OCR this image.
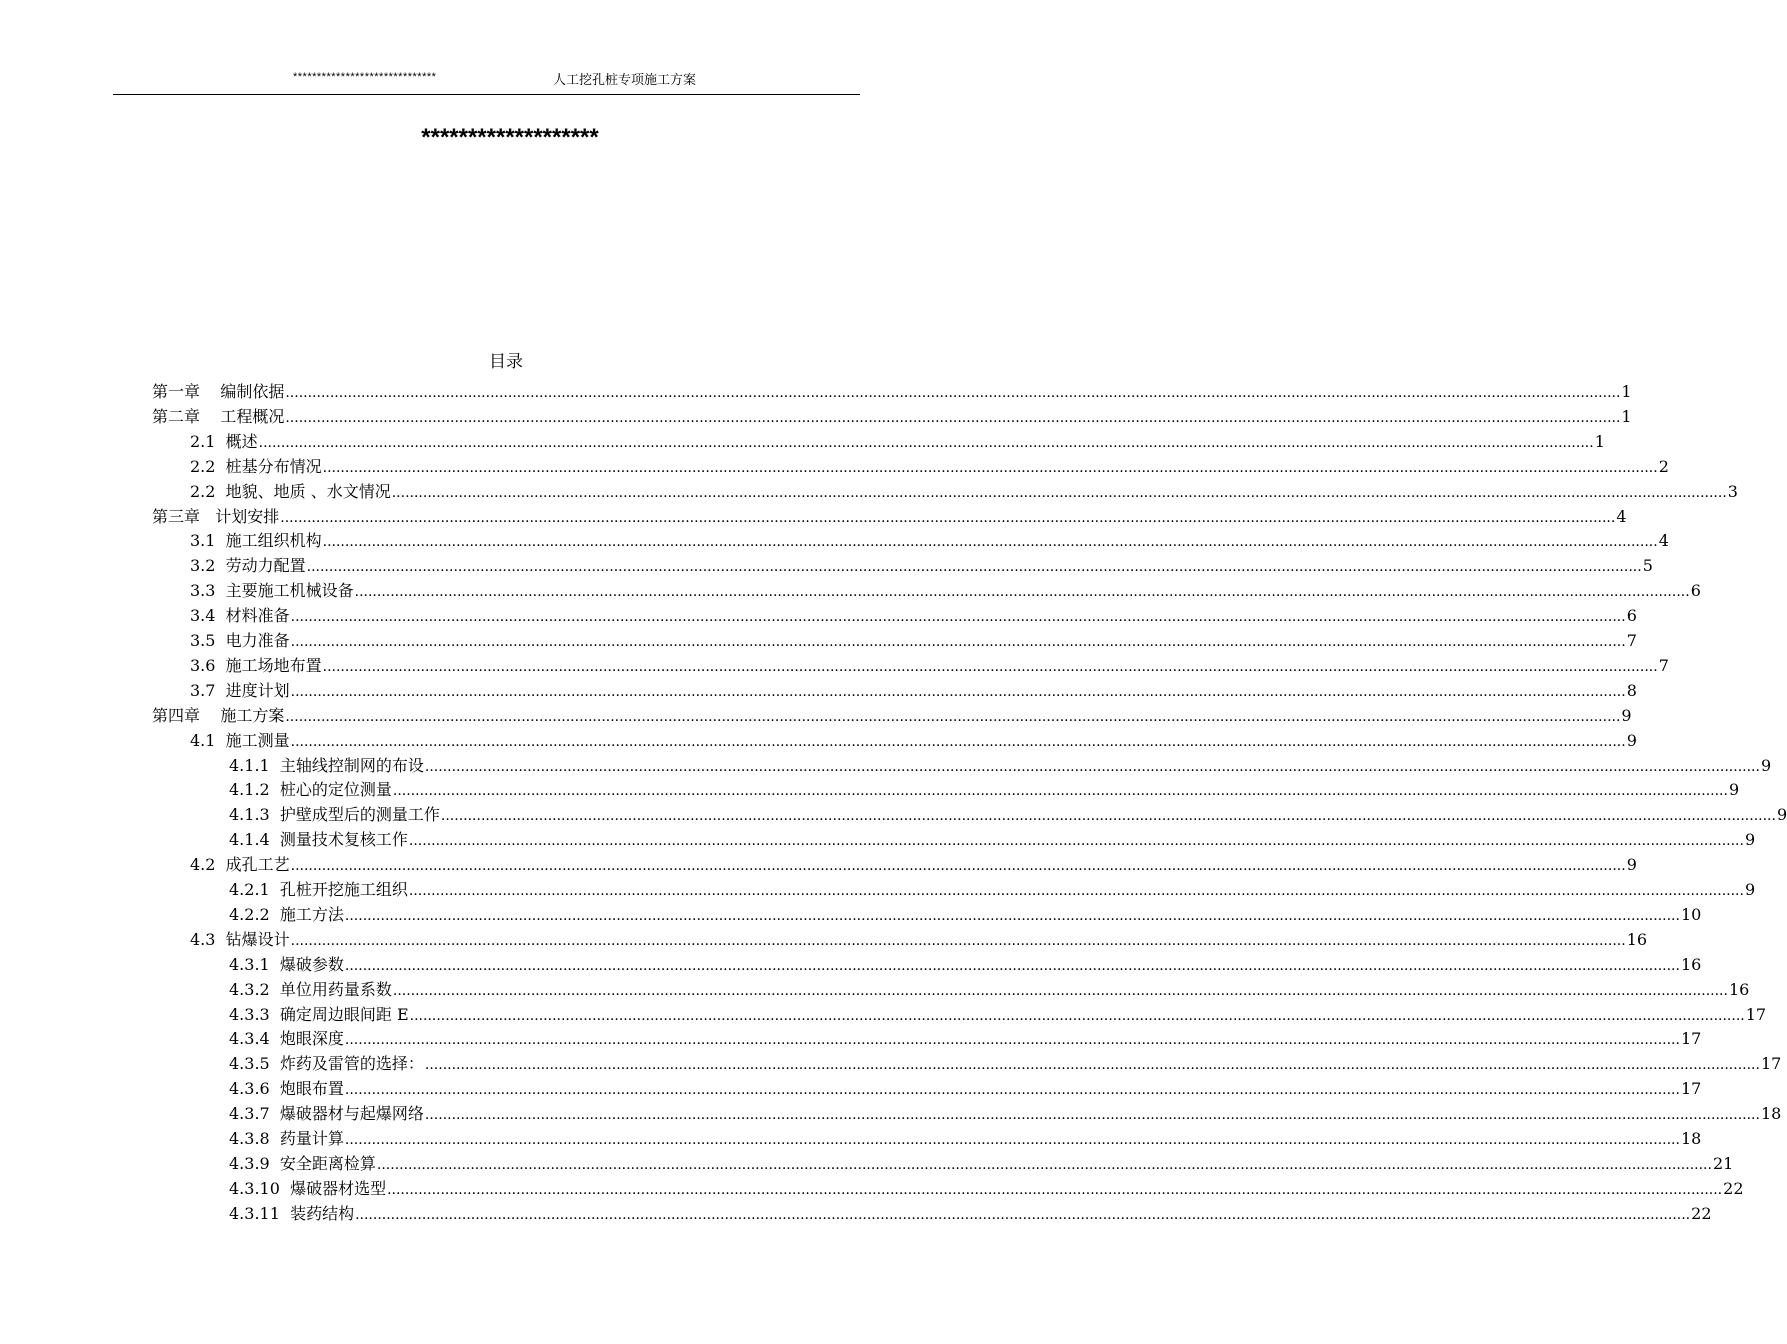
******************************	人工挖孔桩专项施工方案
*******************
目录
第一章    编制依据 ............................................................................................................................................................................................................................................................................................................ 1
第二章    工程概况 ............................................................................................................................................................................................................................................................................................................ 1
2.1  概述 ............................................................................................................................................................................................................................................................................................................ 1
2.2  桩基分布情况 ............................................................................................................................................................................................................................................................................................................ 2
2.2  地貌、地质 、水文情况 ............................................................................................................................................................................................................................................................................................................ 3
第三章   计划安排 ............................................................................................................................................................................................................................................................................................................ 4
3.1  施工组织机构 ............................................................................................................................................................................................................................................................................................................ 4
3.2  劳动力配置 ............................................................................................................................................................................................................................................................................................................ 5
3.3  主要施工机械设备 ............................................................................................................................................................................................................................................................................................................ 6
3.4  材料准备 ............................................................................................................................................................................................................................................................................................................ 6
3.5  电力准备 ............................................................................................................................................................................................................................................................................................................ 7
3.6  施工场地布置 ............................................................................................................................................................................................................................................................................................................ 7
3.7  进度计划 ............................................................................................................................................................................................................................................................................................................ 8
第四章    施工方案 ............................................................................................................................................................................................................................................................................................................ 9
4.1  施工测量 ............................................................................................................................................................................................................................................................................................................ 9
4.1.1  主轴线控制网的布设 ............................................................................................................................................................................................................................................................................................................ 9
4.1.2  桩心的定位测量 ............................................................................................................................................................................................................................................................................................................ 9
4.1.3  护壁成型后的测量工作 ............................................................................................................................................................................................................................................................................................................ 9
4.1.4  测量技术复核工作 ............................................................................................................................................................................................................................................................................................................ 9
4.2  成孔工艺 ............................................................................................................................................................................................................................................................................................................ 9
4.2.1  孔桩开挖施工组织 ............................................................................................................................................................................................................................................................................................................ 9
4.2.2  施工方法 ............................................................................................................................................................................................................................................................................................................ 10
4.3  钻爆设计 ............................................................................................................................................................................................................................................................................................................ 16
4.3.1  爆破参数 ............................................................................................................................................................................................................................................................................................................ 16
4.3.2  单位用药量系数 ............................................................................................................................................................................................................................................................................................................ 16
4.3.3  确定周边眼间距 E ............................................................................................................................................................................................................................................................................................................ 17
4.3.4  炮眼深度 ............................................................................................................................................................................................................................................................................................................ 17
4.3.5  炸药及雷管的选择： ............................................................................................................................................................................................................................................................................................................ 17
4.3.6  炮眼布置 ............................................................................................................................................................................................................................................................................................................ 17
4.3.7  爆破器材与起爆网络 ............................................................................................................................................................................................................................................................................................................ 18
4.3.8  药量计算 ............................................................................................................................................................................................................................................................................................................ 18
4.3.9  安全距离检算 ............................................................................................................................................................................................................................................................................................................ 21
4.3.10  爆破器材选型 ............................................................................................................................................................................................................................................................................................................ 22
4.3.11  装药结构 ............................................................................................................................................................................................................................................................................................................ 22
